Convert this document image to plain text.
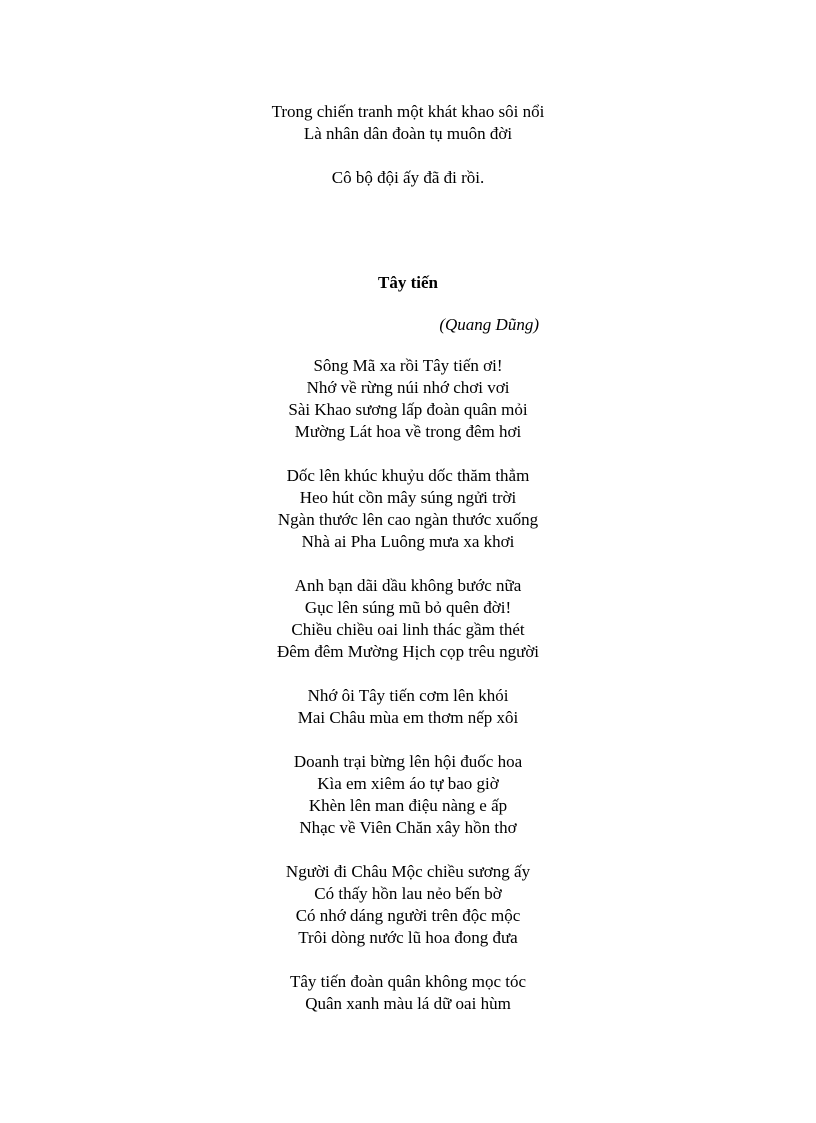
Trong chiến tranh một khát khao sôi nổi
Là nhân dân đoàn tụ muôn đời
Cô bộ đội ấy đã đi rồi.
Tây tiến
(Quang Dũng)
Sông Mã xa rồi Tây tiến ơi!
Nhớ về rừng núi nhớ chơi vơi
Sài Khao sương lấp đoàn quân mỏi
Mường Lát hoa về trong đêm hơi
Dốc lên khúc khuỷu dốc thăm thẳm
Heo hút cồn mây súng ngửi trời
Ngàn thước lên cao ngàn thước xuống
Nhà ai Pha Luông mưa xa khơi
Anh bạn dãi dầu không bước nữa
Gục lên súng mũ bỏ quên đời!
Chiều chiều oai linh thác gầm thét
Đêm đêm Mường Hịch cọp trêu người
Nhớ ôi Tây tiến cơm lên khói
Mai Châu mùa em thơm nếp xôi
Doanh trại bừng lên hội đuốc hoa
Kìa em xiêm áo tự bao giờ
Khèn lên man điệu nàng e ấp
Nhạc về Viên Chăn xây hồn thơ
Người đi Châu Mộc chiều sương ấy
Có thấy hồn lau nẻo bến bờ
Có nhớ dáng người trên độc mộc
Trôi dòng nước lũ hoa đong đưa
Tây tiến đoàn quân không mọc tóc
Quân xanh màu lá dữ oai hùm
